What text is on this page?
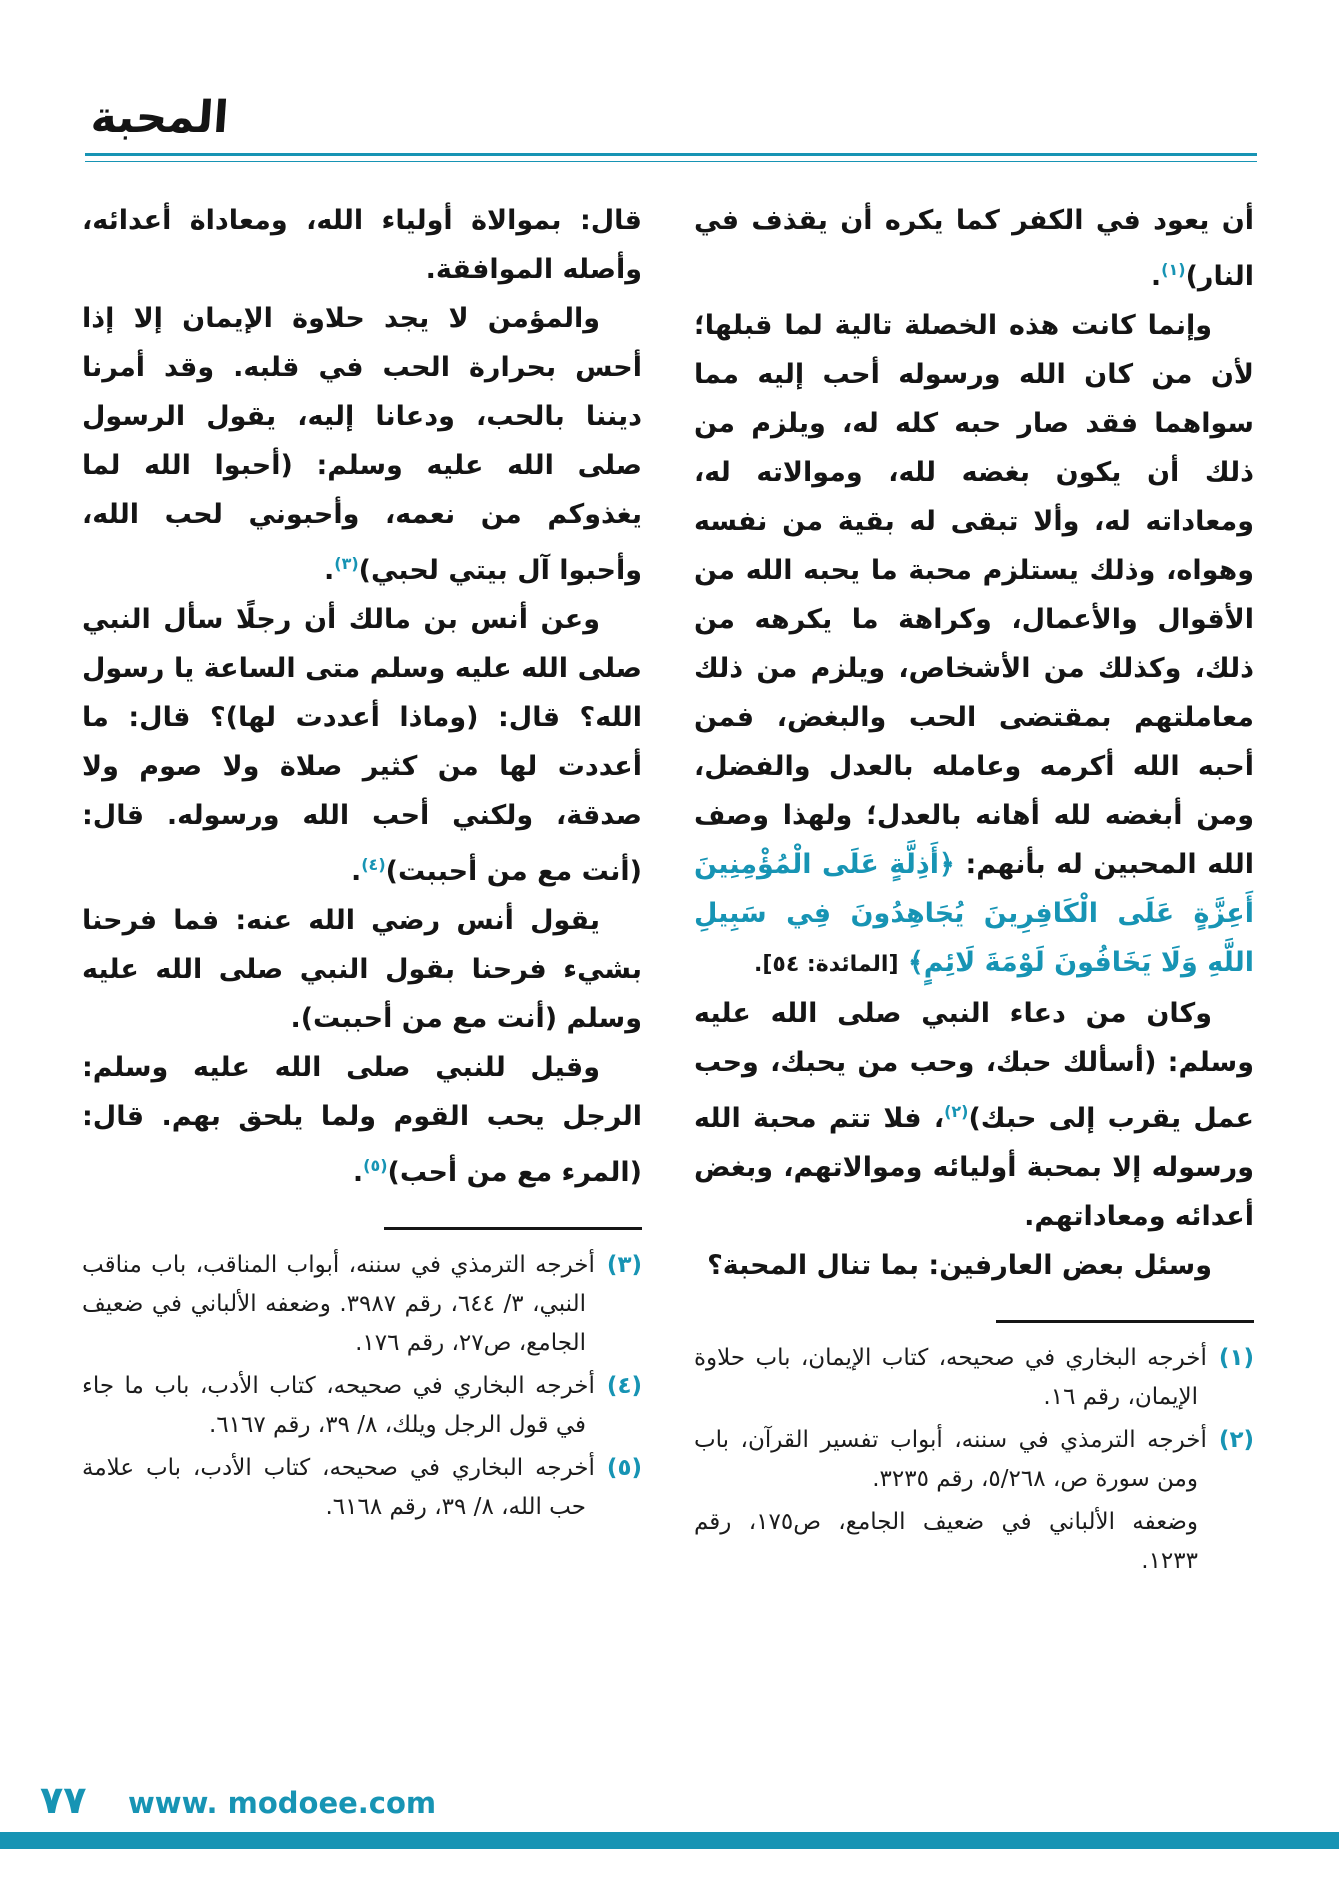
المحبة

أن يعود في الكفر كما يكره أن يقذف في النار)$^{(١)}$.

وإنما كانت هذه الخصلة تالية لما قبلها؛ لأن من كان الله ورسوله أحب إليه مما سواهما فقد صار حبه كله له، ويلزم من ذلك أن يكون بغضه لله، وموالاته له، ومعاداته له، وألا تبقى له بقية من نفسه وهواه، وذلك يستلزم محبة ما يحبه الله من الأقوال والأعمال، وكراهة ما يكرهه من ذلك، وكذلك من الأشخاص، ويلزم من ذلك معاملتهم بمقتضى الحب والبغض، فمن أحبه الله أكرمه وعامله بالعدل والفضل، ومن أبغضه لله أهانه بالعدل؛ ولهذا وصف الله المحبين له بأنهم: ﴿أَذِلَّةٍ عَلَى الْمُؤْمِنِينَ أَعِزَّةٍ عَلَى الْكَافِرِينَ يُجَاهِدُونَ فِي سَبِيلِ اللَّهِ وَلَا يَخَافُونَ لَوْمَةَ لَائِمٍ﴾ [المائدة: ٥٤].

وكان من دعاء النبي صلى الله عليه وسلم: (أسألك حبك، وحب من يحبك، وحب عمل يقرب إلى حبك)$^{(٢)}$، فلا تتم محبة الله ورسوله إلا بمحبة أوليائه وموالاتهم، وبغض أعدائه ومعاداتهم.

وسئل بعض العارفين: بما تنال المحبة؟

(١)أخرجه البخاري في صحيحه، كتاب الإيمان، باب حلاوة الإيمان، رقم ١٦.
(٢)أخرجه الترمذي في سننه، أبواب تفسير القرآن، باب ومن سورة ص، ٥/٢٦٨، رقم ٣٢٣٥.
وضعفه الألباني في ضعيف الجامع، ص١٧٥، رقم ١٢٣٣.

قال: بموالاة أولياء الله، ومعاداة أعدائه، وأصله الموافقة.

والمؤمن لا يجد حلاوة الإيمان إلا إذا أحس بحرارة الحب في قلبه. وقد أمرنا ديننا بالحب، ودعانا إليه، يقول الرسول صلى الله عليه وسلم: (أحبوا الله لما يغذوكم من نعمه، وأحبوني لحب الله، وأحبوا آل بيتي لحبي)$^{(٣)}$.

وعن أنس بن مالك أن رجلًا سأل النبي صلى الله عليه وسلم متى الساعة يا رسول الله؟ قال: (وماذا أعددت لها)؟ قال: ما أعددت لها من كثير صلاة ولا صوم ولا صدقة، ولكني أحب الله ورسوله. قال: (أنت مع من أحببت)$^{(٤)}$.

يقول أنس رضي الله عنه: فما فرحنا بشيء فرحنا بقول النبي صلى الله عليه وسلم (أنت مع من أحببت).

وقيل للنبي صلى الله عليه وسلم: الرجل يحب القوم ولما يلحق بهم. قال: (المرء مع من أحب)$^{(٥)}$.

(٣)أخرجه الترمذي في سننه، أبواب المناقب، باب مناقب النبي، ٣/ ٦٤٤، رقم ٣٩٨٧. وضعفه الألباني في ضعيف الجامع، ص٢٧، رقم ١٧٦.
(٤)أخرجه البخاري في صحيحه، كتاب الأدب، باب ما جاء في قول الرجل ويلك، ٨/ ٣٩، رقم ٦١٦٧.
(٥)أخرجه البخاري في صحيحه، كتاب الأدب، باب علامة حب الله، ٨/ ٣٩، رقم ٦١٦٨.
٧٧ www. modoee.com
